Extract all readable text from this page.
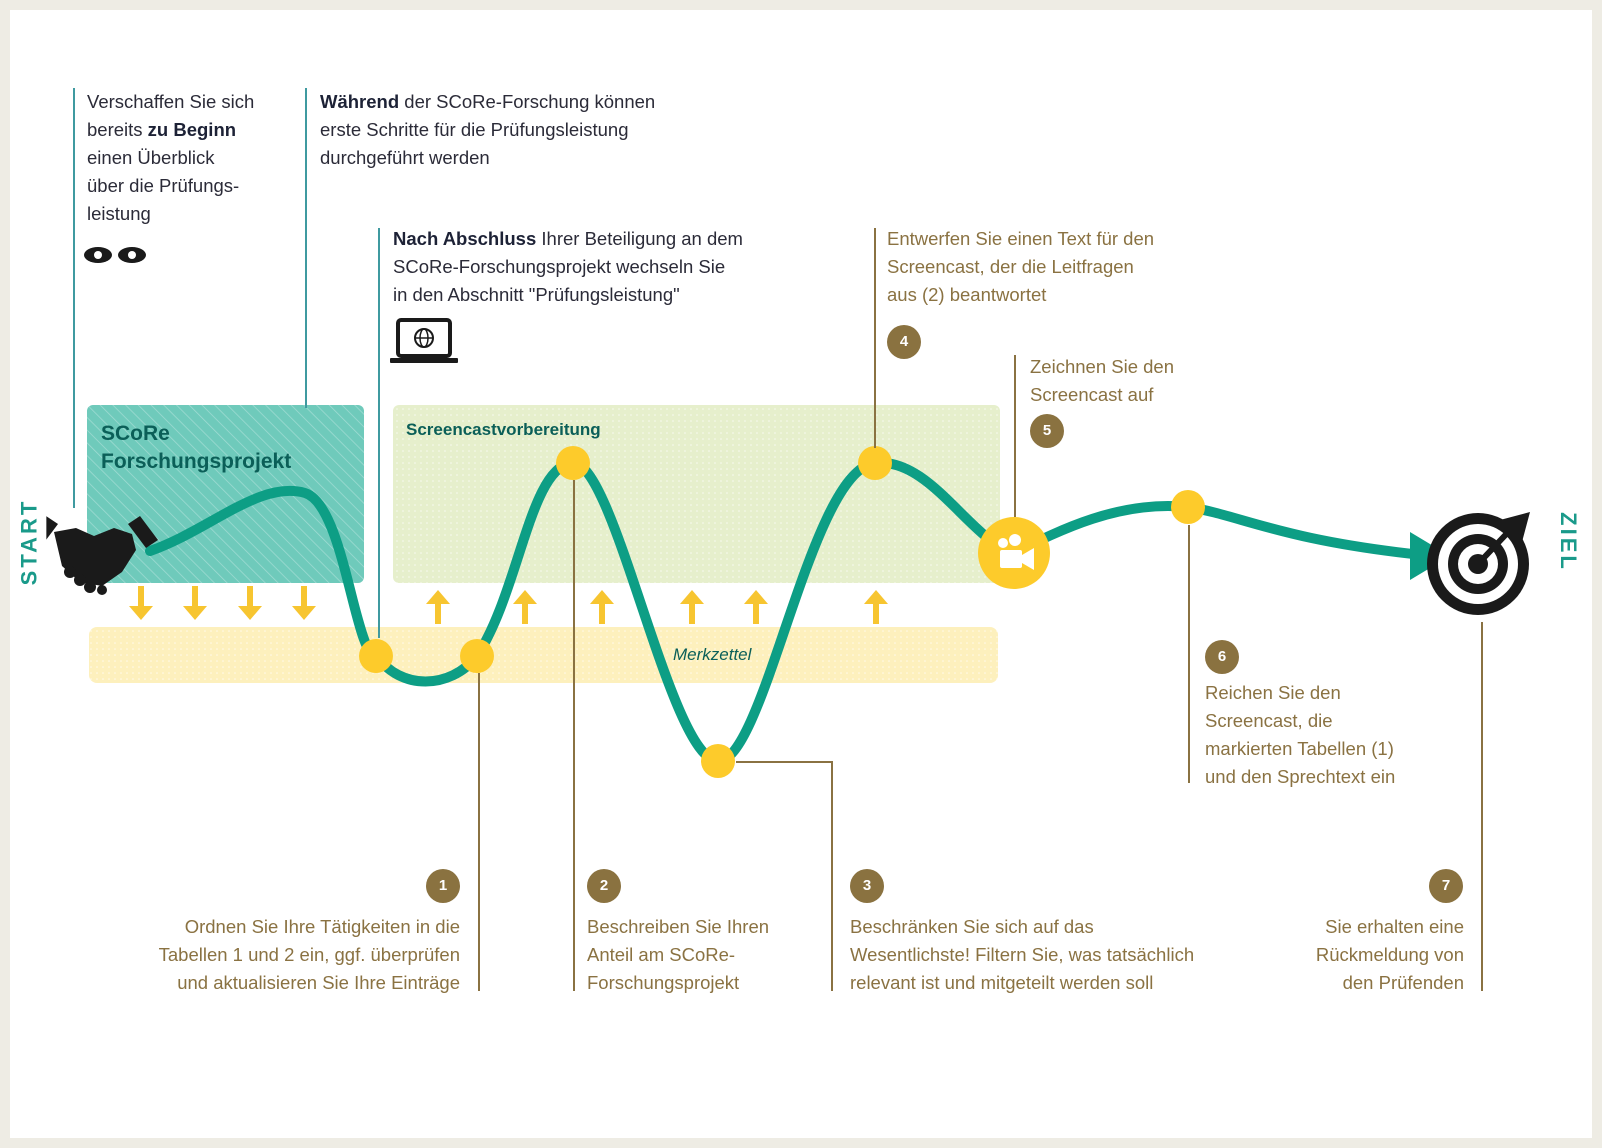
START	ZIEL
SCoRe
Forschungsprojekt
Screencastvorbereitung
Merkzettel
Verschaffen Sie sich
bereits zu Beginn
einen Überblick
über die Prüfungs-
leistung
Während der SCoRe-Forschung können
erste Schritte für die Prüfungsleistung
durchgeführt werden
Nach Abschluss Ihrer Beteiligung an dem
SCoRe-Forschungsprojekt wechseln Sie
in den Abschnitt "Prüfungsleistung"
Entwerfen Sie einen Text für den
Screencast, der die Leitfragen
aus (2) beantwortet
4
Zeichnen Sie den
Screencast auf
5
6
Reichen Sie den
Screencast, die
markierten Tabellen (1)
und den Sprechtext ein
1
Ordnen Sie Ihre Tätigkeiten in die
Tabellen 1 und 2 ein, ggf. überprüfen
und aktualisieren Sie Ihre Einträge
2
Beschreiben Sie Ihren
Anteil am SCoRe-
Forschungsprojekt
3
Beschränken Sie sich auf das
Wesentlichste! Filtern Sie, was tatsächlich
relevant ist und mitgeteilt werden soll
7
Sie erhalten eine
Rückmeldung von
den Prüfenden
